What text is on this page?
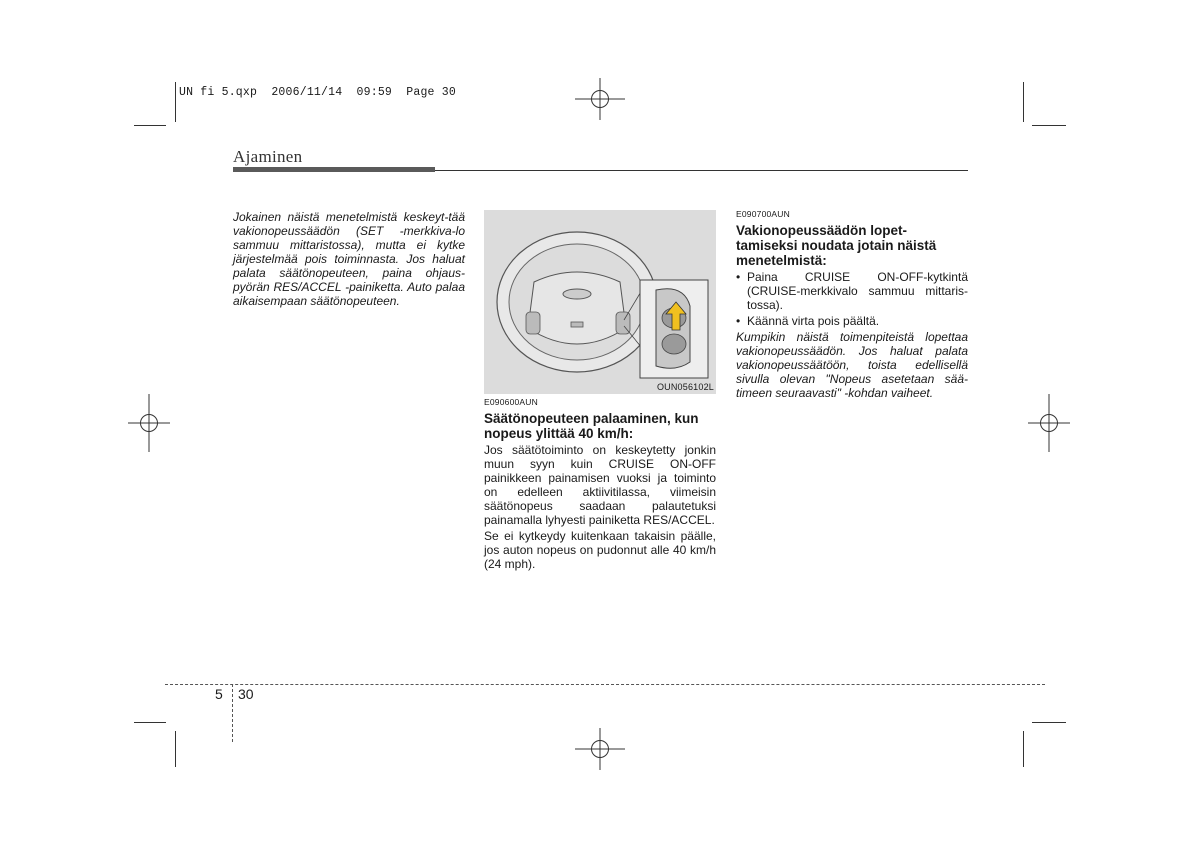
UN fi 5.qxp  2006/11/14  09:59  Page 30
Ajaminen

Jokainen näistä menetelmistä keskeyt-tää vakionopeussäädön (SET -merkkiva-lo sammuu mittaristossa), mutta ei kytke järjestelmää pois toiminnasta. Jos haluat palata säätönopeuteen, paina ohjaus-pyörän RES/ACCEL -painiketta. Auto palaa aikaisempaan säätönopeuteen.

OUN056102L
E090600AUN
Säätönopeuteen palaaminen, kun nopeus ylittää 40 km/h:

Jos säätötoiminto on keskeytetty jonkin muun syyn kuin CRUISE ON-OFF painikkeen painamisen vuoksi ja toiminto on edelleen aktiivitilassa, viimeisin säätönopeus saadaan palautetuksi painamalla lyhyesti painiketta RES/ACCEL.

Se ei kytkeydy kuitenkaan takaisin päälle, jos auton nopeus on pudonnut alle 40 km/h (24 mph).

E090700AUN
Vakionopeussäädön lopet-tamiseksi noudata jotain näistä menetelmistä:
• Paina CRUISE ON-OFF-kytkintä (CRUISE-merkkivalo sammuu mittaris-tossa).
• Käännä virta pois päältä.

Kumpikin näistä toimenpiteistä lopettaa vakionopeussäädön. Jos haluat palata vakionopeussäätöön, toista edellisellä sivulla olevan "Nopeus asetetaan sää-timeen seuraavasti" -kohdan vaiheet.

5 30
